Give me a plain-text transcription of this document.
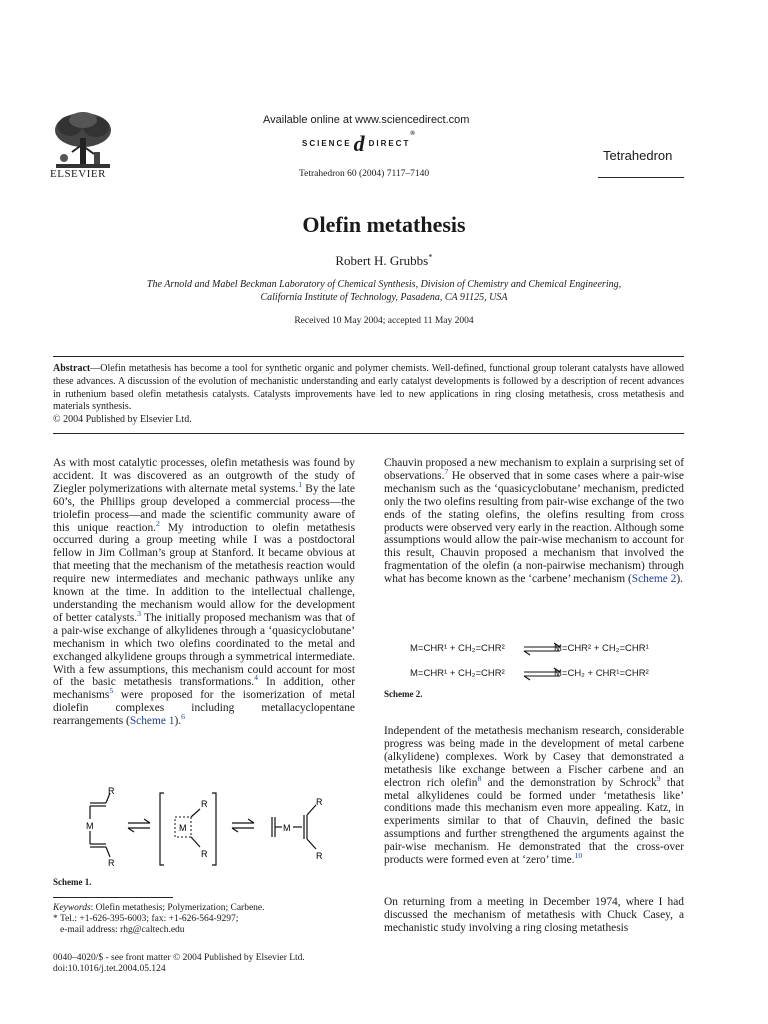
ELSEVIER
Available online at www.sciencedirect.com
SCIENCEd DIRECT®
Tetrahedron 60 (2004) 7117–7140
Tetrahedron
Olefin metathesis
Robert H. Grubbs*
The Arnold and Mabel Beckman Laboratory of Chemical Synthesis, Division of Chemistry and Chemical Engineering,
California Institute of Technology, Pasadena, CA 91125, USA
Received 10 May 2004; accepted 11 May 2004
Abstract—Olefin metathesis has become a tool for synthetic organic and polymer chemists. Well-defined, functional group tolerant catalysts have allowed these advances. A discussion of the evolution of mechanistic understanding and early catalyst developments is followed by a description of recent advances in ruthenium based olefin metathesis catalysts. Catalysts improvements have led to new applications in ring closing metathesis, cross metathesis and materials synthesis.
© 2004 Published by Elsevier Ltd.
As with most catalytic processes, olefin metathesis was found by accident. It was discovered as an outgrowth of the study of Ziegler polymerizations with alternate metal systems.$^1$ By the late 60’s, the Phillips group developed a commercial process—the triolefin process—and made the scientific community aware of this unique reaction.$^2$ My introduction to olefin metathesis occurred during a group meeting while I was a postdoctoral fellow in Jim Collman’s group at Stanford. It became obvious at that meeting that the mechanism of the metathesis reaction would require new intermediates and mechanic pathways unlike any known at the time. In addition to the intellectual challenge, understanding the mechanism would allow for the development of better catalysts.$^3$ The initially proposed mechanism was that of a pair-wise exchange of alkylidenes through a ‘quasicyclobutane’ mechanism in which two olefins coordinated to the metal and exchanged alkylidene groups through a symmetrical intermediate. With a few assumptions, this mechanism could account for most of the basic metathesis transformations.$^4$ In addition, other mechanisms$^5$ were proposed for the isomerization of metal diolefin complexes including metallacyclopentane rearrangements (Scheme 1).$^6$
R
M
R
M
R
R
M
R
R
Scheme 1.
Chauvin proposed a new mechanism to explain a surprising set of observations.$^7$ He observed that in some cases where a pair-wise mechanism such as the ‘quasicyclobutane’ mechanism, predicted only the two olefins resulting from pair-wise exchange of the two ends of the stating olefins, the olefins resulting from cross products were observed very early in the reaction. Although some assumptions would allow the pair-wise mechanism to account for this result, Chauvin proposed a mechanism that involved the fragmentation of the olefin (a non-pairwise mechanism) through what has become known as the ‘carbene’ mechanism (Scheme 2).
M=CHR¹ + CH₂=CHR²	M=CHR² + CH₂=CHR¹
M=CHR¹ + CH₂=CHR²	M=CH₂ + CHR¹=CHR²
Scheme 2.
Independent of the metathesis mechanism research, considerable progress was being made in the development of metal carbene (alkylidene) complexes. Work by Casey that demonstrated a metathesis like exchange between a Fischer carbene and an electron rich olefin$^8$ and the demonstration by Schrock$^9$ that metal alkylidenes could be formed under ‘metathesis like’ conditions made this mechanism even more appealing. Katz, in experiments similar to that of Chauvin, defined the basic assumptions and further strengthened the arguments against the pair-wise mechanism. He demonstrated that the cross-over products were formed even at ‘zero’ time.$^{10}$
On returning from a meeting in December 1974, where I had discussed the mechanism of metathesis with Chuck Casey, a mechanistic study involving a ring closing metathesis
Keywords: Olefin metathesis; Polymerization; Carbene.
* Tel.: +1-626-395-6003; fax: +1-626-564-9297;
e-mail address: rhg@caltech.edu
0040–4020/$ - see front matter © 2004 Published by Elsevier Ltd.
doi:10.1016/j.tet.2004.05.124
